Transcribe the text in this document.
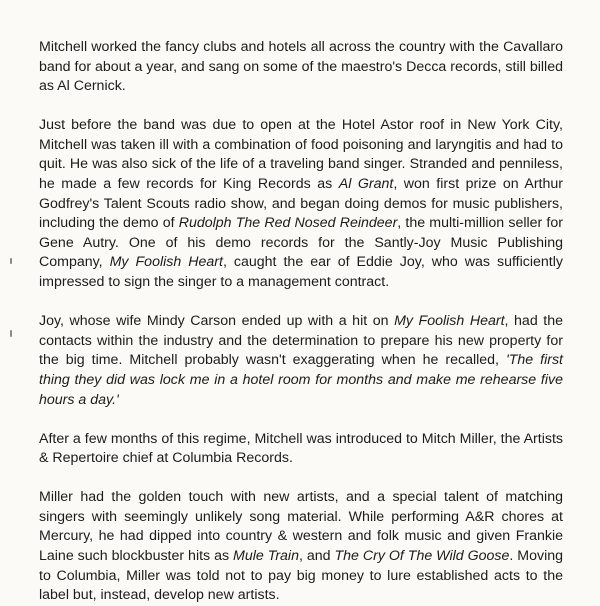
Mitchell worked the fancy clubs and hotels all across the country with the Cavallaro band for about a year, and sang on some of the maestro's Decca records, still billed as Al Cernick.

Just before the band was due to open at the Hotel Astor roof in New York City, Mitchell was taken ill with a combination of food poisoning and laryngitis and had to quit. He was also sick of the life of a traveling band singer. Stranded and penniless, he made a few records for King Records as Al Grant, won first prize on Arthur Godfrey's Talent Scouts radio show, and began doing demos for music publishers, including the demo of Rudolph The Red Nosed Reindeer, the multi-million seller for Gene Autry. One of his demo records for the Santly-Joy Music Publishing Company, My Foolish Heart, caught the ear of Eddie Joy, who was sufficiently impressed to sign the singer to a management contract.

Joy, whose wife Mindy Carson ended up with a hit on My Foolish Heart, had the contacts within the industry and the determination to prepare his new property for the big time. Mitchell probably wasn't exaggerating when he recalled, 'The first thing they did was lock me in a hotel room for months and make me rehearse five hours a day.'

After a few months of this regime, Mitchell was introduced to Mitch Miller, the Artists & Repertoire chief at Columbia Records.

Miller had the golden touch with new artists, and a special talent of matching singers with seemingly unlikely song material. While performing A&R chores at Mercury, he had dipped into country & western and folk music and given Frankie Laine such blockbuster hits as Mule Train, and The Cry Of The Wild Goose. Moving to Columbia, Miller was told not to pay big money to lure established acts to the label but, instead, develop new artists.
